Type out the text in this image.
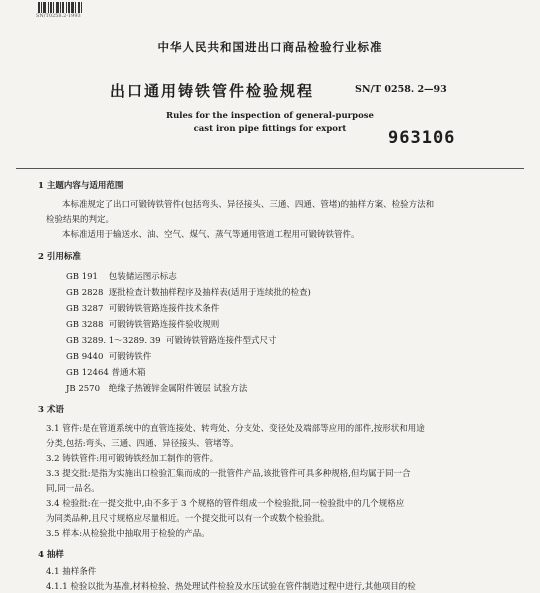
SN/T0258.2-1993
中华人民共和国进出口商品检验行业标准
出口通用铸铁管件检验规程	SN/T 0258. 2—93
Rules for the inspection of general-purpose
cast iron pipe fittings for export	963106
1 主题内容与适用范围
本标准规定了出口可锻铸铁管件(包括弯头、异径接头、三通、四通、管堵)的抽样方案、检验方法和
检验结果的判定。
本标准适用于输送水、油、空气、煤气、蒸气等通用管道工程用可锻铸铁管件。
2 引用标准
GB 191 包装储运图示标志
GB 2828 逐批检查计数抽样程序及抽样表(适用于连续批的检查)
GB 3287 可锻铸铁管路连接件技术条件
GB 3288 可锻铸铁管路连接件验收规则
GB 3289. 1～3289. 39 可锻铸铁管路连接件型式尺寸
GB 9440 可锻铸铁件
GB 12464 普通木箱
JB 2570 绝缘子热镀锌金属附件镀层 试验方法
3 术语
3.1 管件:是在管道系统中的直管连接处、转弯处、分支处、变径处及端部等应用的部件,按形状和用途
分类,包括:弯头、三通、四通、异径接头、管堵等。
3.2 铸铁管件:用可锻铸铁经加工制作的管件。
3.3 提交批:是指为实施出口检验汇集而成的一批管件产品,该批管件可具多种规格,但均属于同一合
同,同一品名。
3.4 检验批:在一提交批中,由不多于 3 个规格的管件组成一个检验批,同一检验批中的几个规格应
为同类品种,且尺寸规格应尽量相近。一个提交批可以有一个或数个检验批。
3.5 样本:从检验批中抽取用于检验的产品。
4 抽样
4.1 抽样条件
4.1.1 检验以批为基准,材料检验、热处理试件检验及水压试验在管件制造过程中进行,其他项目的检
